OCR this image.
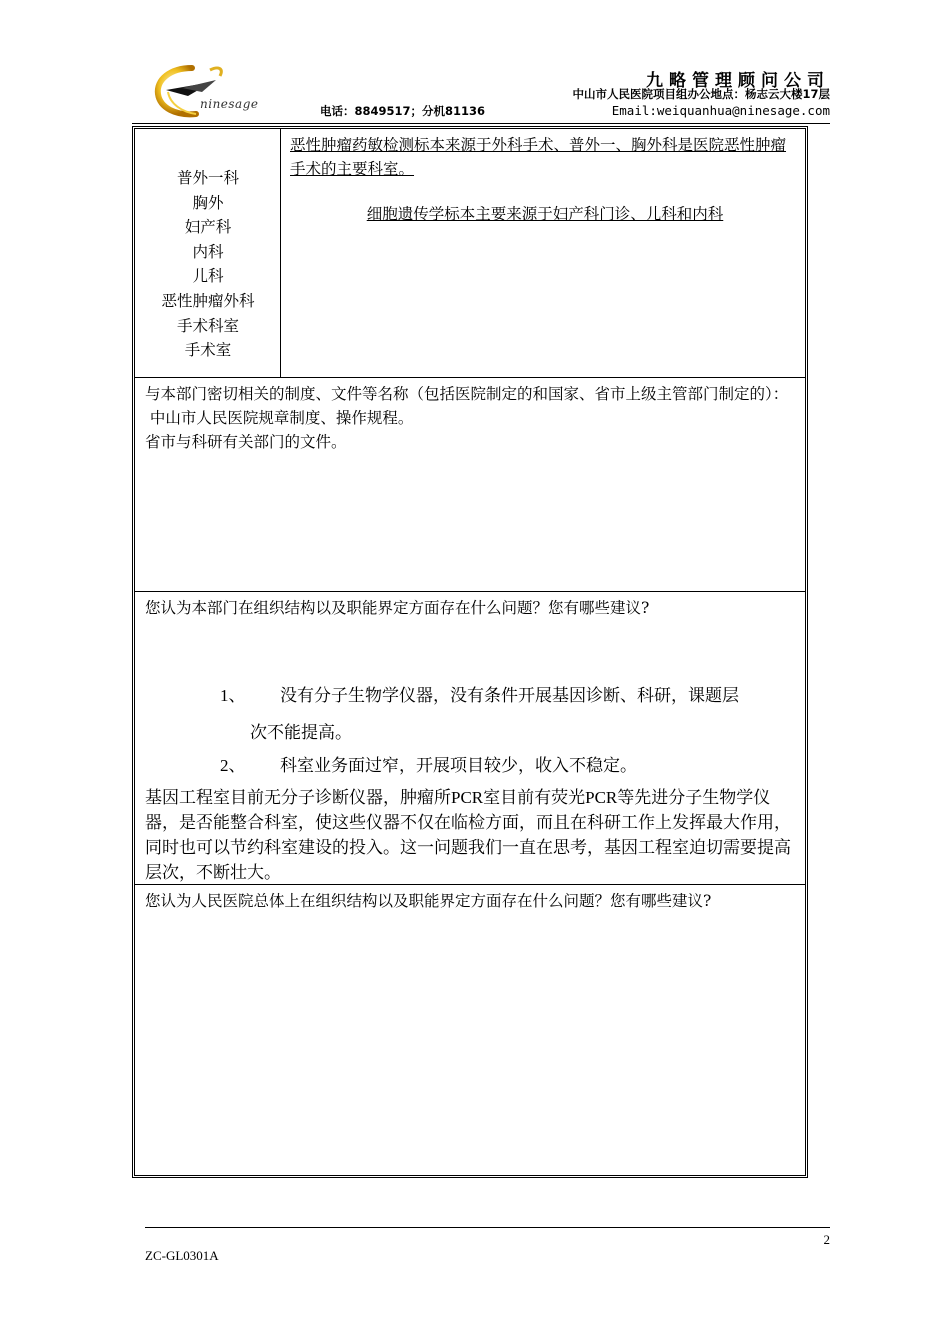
ninesage
九略管理顾问公司
中山市人民医院项目组办公地点：杨志云大楼17层
电话：8849517；分机81136	Email:weiquanhua@ninesage.com
普外一科
胸外
妇产科
内科
儿科
恶性肿瘤外科
手术科室
手术室
恶性肿瘤药敏检测标本来源于外科手术、普外一、胸外科是医院恶性肿瘤手术的主要科室。
细胞遗传学标本主要来源于妇产科门诊、儿科和内科
与本部门密切相关的制度、文件等名称（包括医院制定的和国家、省市上级主管部门制定的）：
中山市人民医院规章制度、操作规程。
省市与科研有关部门的文件。
您认为本部门在组织结构以及职能界定方面存在什么问题？您有哪些建议?
1、 没有分子生物学仪器，没有条件开展基因诊断、科研，课题层
次不能提高。
2、 科室业务面过窄，开展项目较少，收入不稳定。
基因工程室目前无分子诊断仪器，肿瘤所PCR室目前有荧光PCR等先进分子生物学仪器，是否能整合科室，使这些仪器不仅在临检方面，而且在科研工作上发挥最大作用，同时也可以节约科室建设的投入。这一问题我们一直在思考，基因工程室迫切需要提高层次，不断壮大。
您认为人民医院总体上在组织结构以及职能界定方面存在什么问题？您有哪些建议?
2
ZC-GL0301A
